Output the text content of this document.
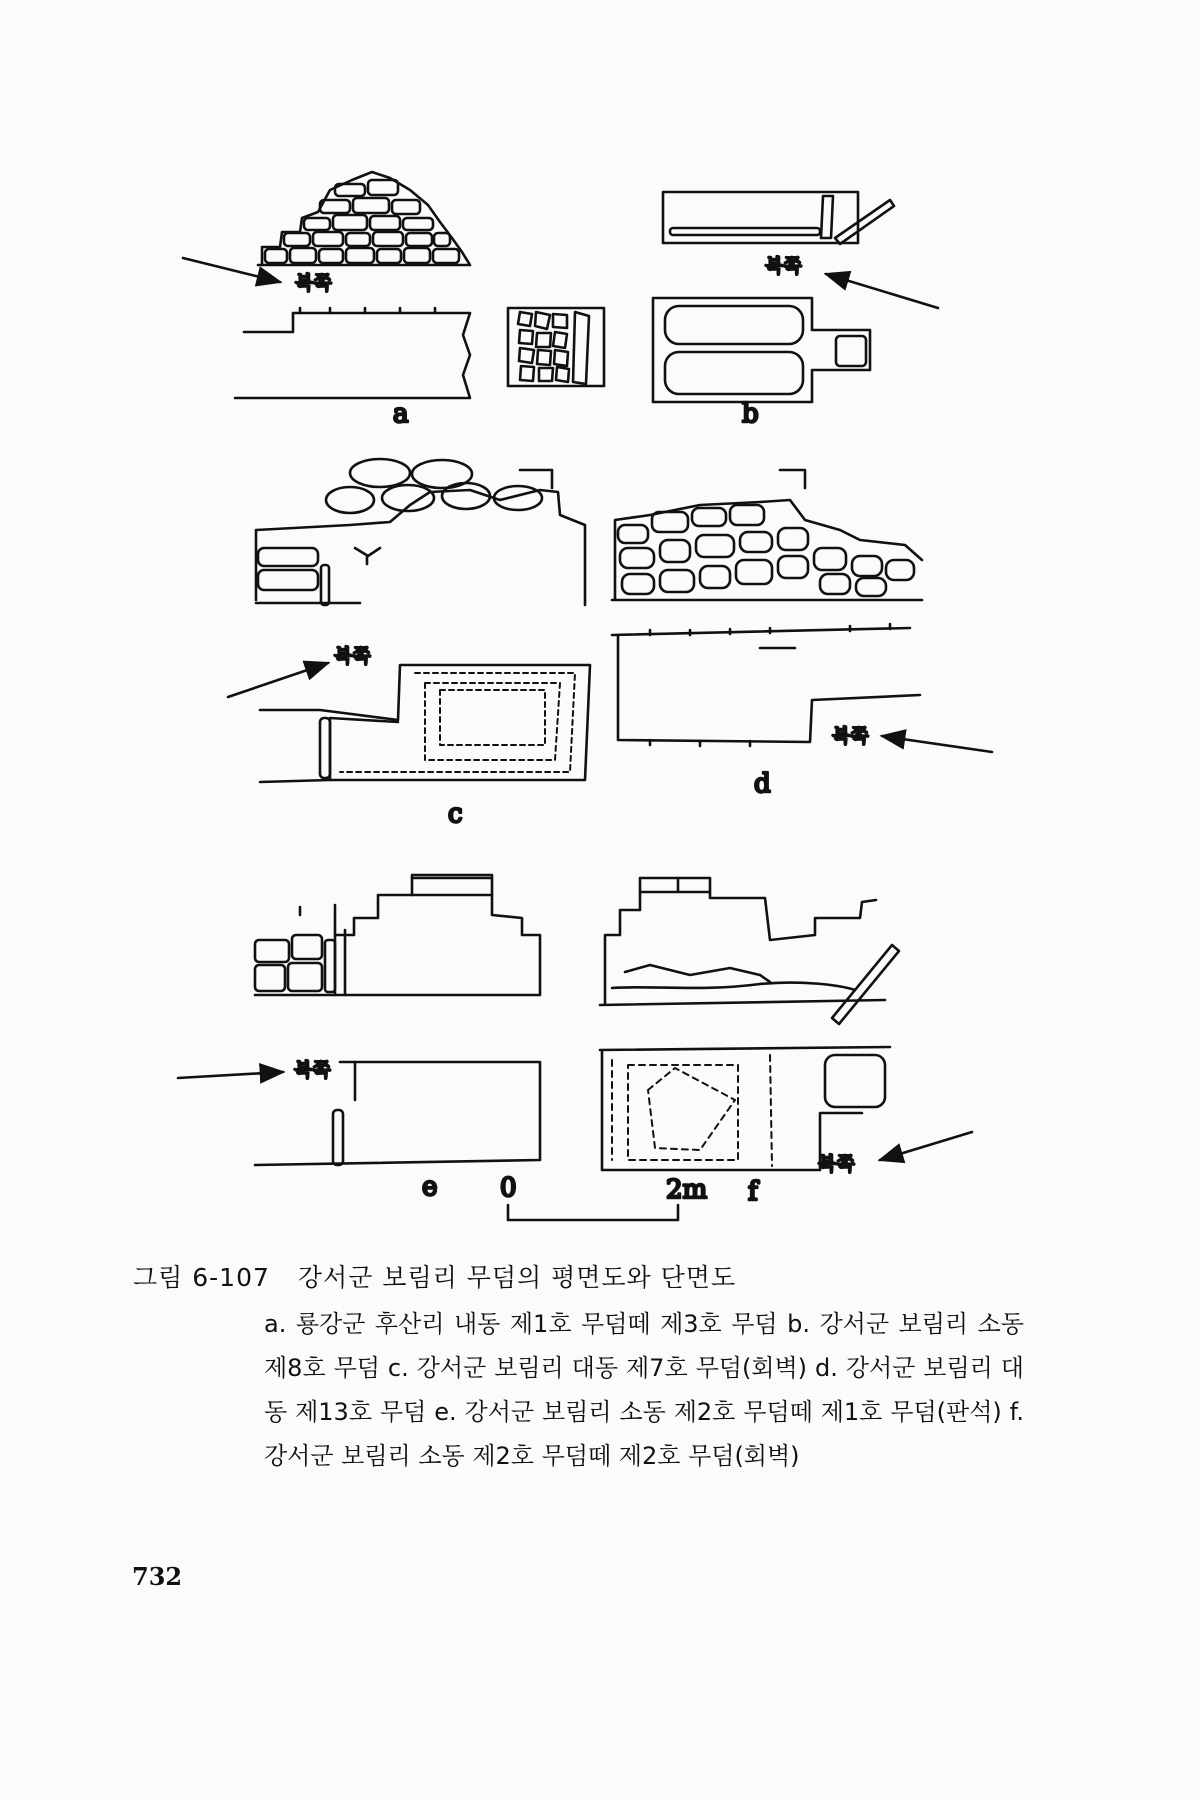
북쪽
a
북쪽
b
북쪽
c
북쪽
d
북쪽
e
북쪽
f
0	2m
그림 6-107 강서군 보림리 무덤의 평면도와 단면도
a. 룡강군 후산리 내동 제1호 무덤떼 제3호 무덤 b. 강서군 보림리 소동 제8호 무덤 c. 강서군 보림리 대동 제7호 무덤(회벽) d. 강서군 보림리 대동 제13호 무덤 e. 강서군 보림리 소동 제2호 무덤떼 제1호 무덤(판석) f. 강서군 보림리 소동 제2호 무덤떼 제2호 무덤(회벽)
732
